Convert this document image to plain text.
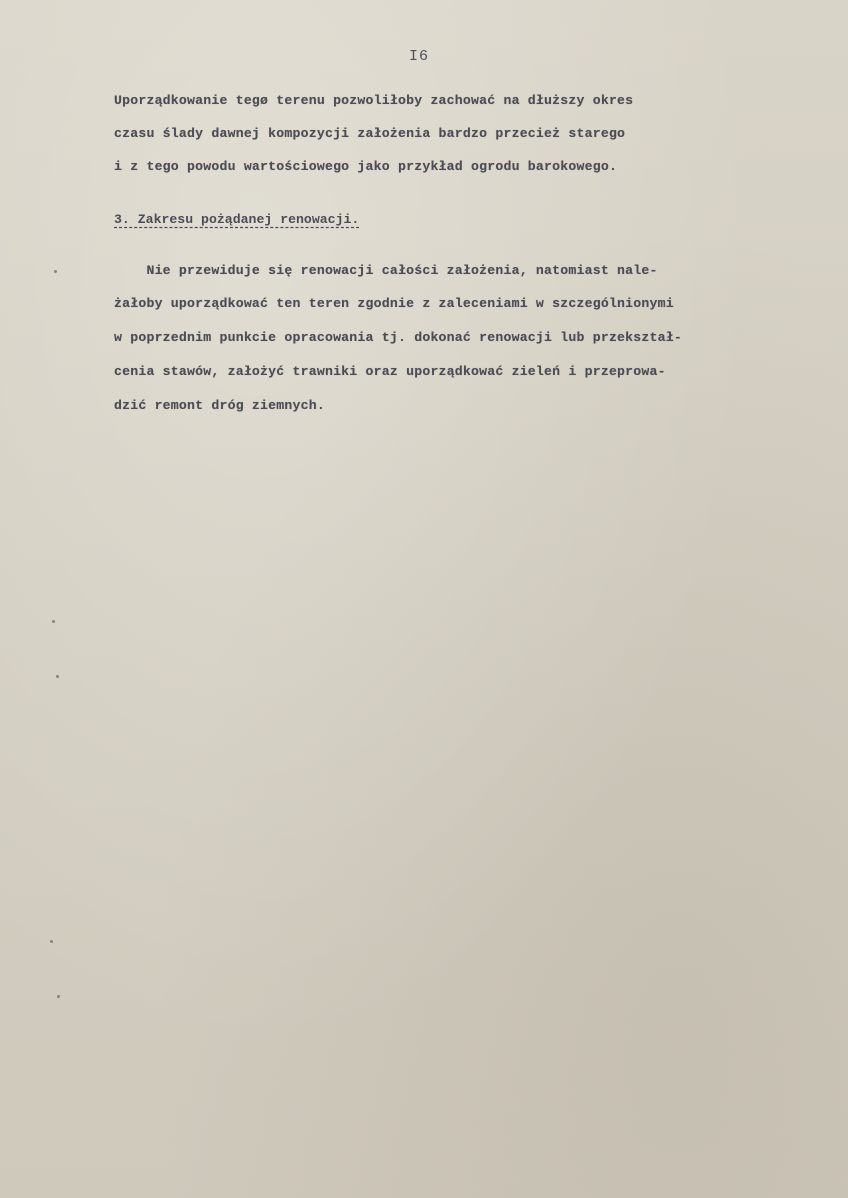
I6
Uporządkowanie tegø terenu pozwoliłoby zachować na dłuższy okres
czasu ślady dawnej kompozycji założenia bardzo przecież starego
i z tego powodu wartościowego jako przykład ogrodu barokowego.
3. Zakresu pożądanej renowacji.
Nie przewiduje się renowacji całości założenia, natomiast nale-
żałoby uporządkować ten teren zgodnie z zaleceniami w szczególnionymi
w poprzednim punkcie opracowania tj. dokonać renowacji lub przekształ-
cenia stawów, założyć trawniki oraz uporządkować zieleń i przeprowa-
dzić remont dróg ziemnych.
